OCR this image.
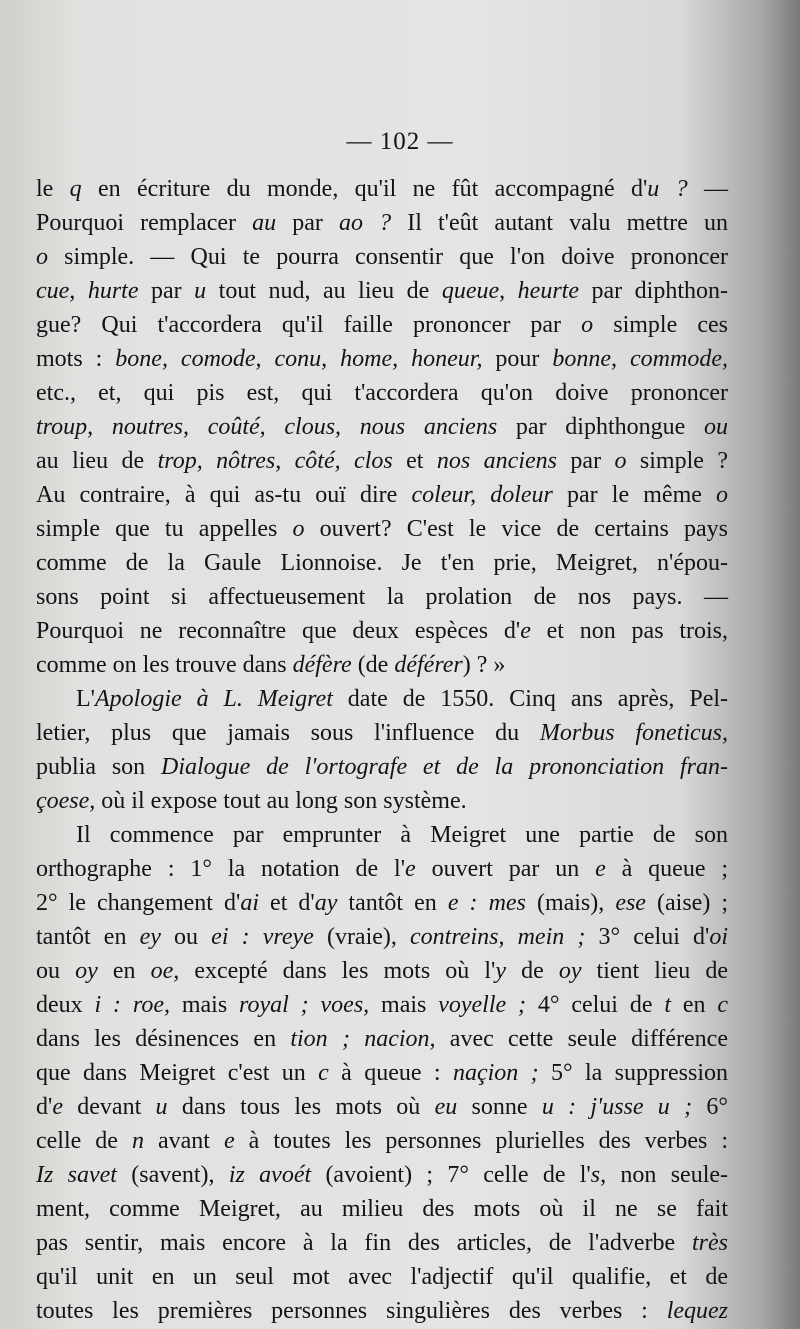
— 102 —
le q en écriture du monde, qu'il ne fût accompagné d'u ? —
Pourquoi remplacer au par ao ? Il t'eût autant valu mettre un
o simple. — Qui te pourra consentir que l'on doive prononcer
cue, hurte par u tout nud, au lieu de queue, heurte par diphthon-
gue? Qui t'accordera qu'il faille prononcer par o simple ces
mots : bone, comode, conu, home, honeur, pour bonne, commode,
etc., et, qui pis est, qui t'accordera qu'on doive prononcer
troup, noutres, coûté, clous, nous anciens par diphthongue ou
au lieu de trop, nôtres, côté, clos et nos anciens par o simple ?
Au contraire, à qui as-tu ouï dire coleur, doleur par le même o
simple que tu appelles o ouvert? C'est le vice de certains pays
comme de la Gaule Lionnoise. Je t'en prie, Meigret, n'épou-
sons point si affectueusement la prolation de nos pays. —
Pourquoi ne reconnaître que deux espèces d'e et non pas trois,
comme on les trouve dans défère (de déférer) ? »
L'Apologie à L. Meigret date de 1550. Cinq ans après, Pel-
letier, plus que jamais sous l'influence du Morbus foneticus,
publia son Dialogue de l'ortografe et de la prononciation fran-
çoese, où il expose tout au long son système.
Il commence par emprunter à Meigret une partie de son
orthographe : 1° la notation de l'e ouvert par un e à queue ;
2° le changement d'ai et d'ay tantôt en e : mes (mais), ese (aise) ;
tantôt en ey ou ei : vreye (vraie), contreins, mein ; 3° celui d'oi
ou oy en oe, excepté dans les mots où l'y de oy tient lieu de
deux i : roe, mais royal ; voes, mais voyelle ; 4° celui de t en c
dans les désinences en tion ; nacion, avec cette seule différence
que dans Meigret c'est un c à queue : naçion ; 5° la suppression
d'e devant u dans tous les mots où eu sonne u : j'usse u ; 6°
celle de n avant e à toutes les personnes plurielles des verbes :
Iz savet (savent), iz avoét (avoient) ; 7° celle de l's, non seule-
ment, comme Meigret, au milieu des mots où il ne se fait
pas sentir, mais encore à la fin des articles, de l'adverbe très
qu'il unit en un seul mot avec l'adjectif qu'il qualifie, et de
toutes les premières personnes singulières des verbes : lequez
